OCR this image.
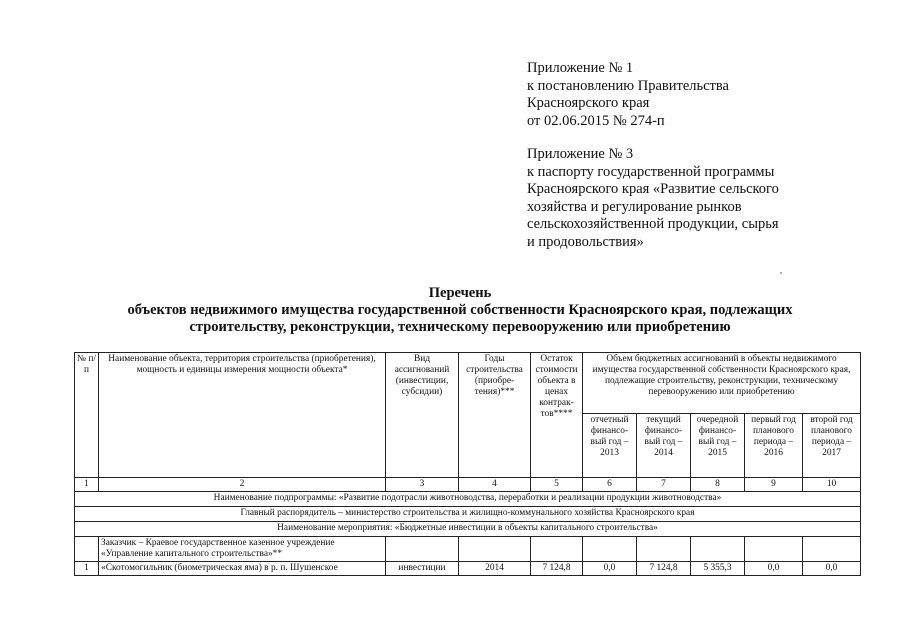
Приложение № 1
к постановлению Правительства
Красноярского края
от 02.06.2015 № 274-п
Приложение № 3
к паспорту государственной программы
Красноярского края «Развитие сельского
хозяйства и регулирование рынков
сельскохозяйственной продукции, сырья
и продовольствия»
Перечень
объектов недвижимого имущества государственной собственности Красноярского края, подлежащих
строительству, реконструкции, техническому перевооружению или приобретению
№ п/п	Наименование объекта, территория строительства (приобретения), мощность и единицы измерения мощности объекта*	Вид ассигнований (инвестиции, субсидии)	Годы строительства (приобре-тения)***	Остаток стоимости объекта в ценах контрак-тов****	Объем бюджетных ассигнований в объекты недвижимого имущества государственной собственности Красноярского края, подлежащие строительству, реконструкции, техническому перевооружению или приобретению				
					отчетный финансо-вый год – 2013	текущий финансо-вый год – 2014	очередной финансо-вый год – 2015	первый год планового периода – 2016	второй год планового периода – 2017
1	2	3	4	5	6	7	8	9	10
Наименование подпрограммы: «Развитие подотрасли животноводства, переработки и реализации продукции животноводства»									
Главный распорядитель – министерство строительства и жилищно-коммунального хозяйства Красноярского края									
Наименование мероприятия: «Бюджетные инвестиции в объекты капитального строительства»									
	Заказчик – Краевое государственное казенное учреждение «Управление капитального строительства»**								
1	«Скотомогильник (биометрическая яма) в р. п. Шушенское	инвестиции	2014	7 124,8	0,0	7 124,8	5 355,3	0,0	0,0
